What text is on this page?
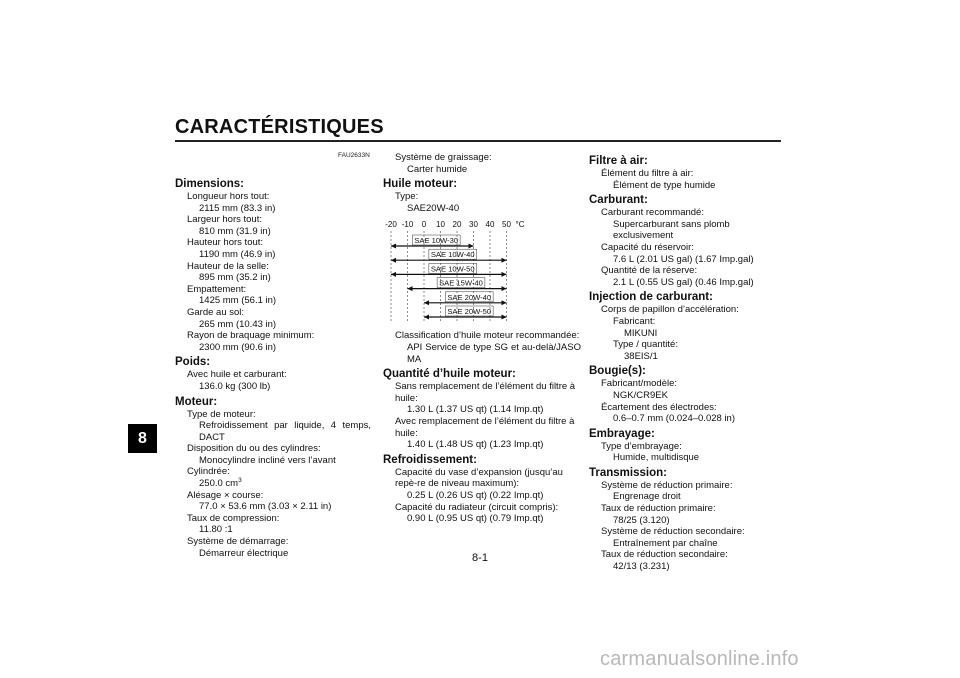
CARACTÉRISTIQUES
8
FAU2633N
Dimensions:
Longueur hors tout:
2115 mm (83.3 in)
Largeur hors tout:
810 mm (31.9 in)
Hauteur hors tout:
1190 mm (46.9 in)
Hauteur de la selle:
895 mm (35.2 in)
Empattement:
1425 mm (56.1 in)
Garde au sol:
265 mm (10.43 in)
Rayon de braquage minimum:
2300 mm (90.6 in)
Poids:
Avec huile et carburant:
136.0 kg (300 lb)
Moteur:
Type de moteur:
Refroidissement par liquide, 4 temps, DACT
Disposition du ou des cylindres:
Monocylindre incliné vers l’avant
Cylindrée:
250.0 $cm^3$
Alésage × course:
77.0 × 53.6 mm (3.03 × 2.11 in)
Taux de compression:
11.80 :1
Système de démarrage:
Démarreur électrique
Système de graissage:
Carter humide
Huile moteur:
Type:
SAE20W-40
-20 -10 0 10 20 30 40 50 °C
SAE 10W-30
SAE 10W-40
SAE 10W-50
SAE 15W-40
SAE 20W-40
SAE 20W-50
Classification d’huile moteur recommandée:
API Service de type SG et au-delà/JASO MA
Quantité d’huile moteur:
Sans remplacement de l’élément du filtre à huile:
1.30 L (1.37 US qt) (1.14 Imp.qt)
Avec remplacement de l’élément du filtre à huile:
1.40 L (1.48 US qt) (1.23 Imp.qt)
Refroidissement:
Capacité du vase d’expansion (jusqu’au repè-re de niveau maximum):
0.25 L (0.26 US qt) (0.22 Imp.qt)
Capacité du radiateur (circuit compris):
0.90 L (0.95 US qt) (0.79 Imp.qt)
Filtre à air:
Élément du filtre à air:
Élément de type humide
Carburant:
Carburant recommandé:
Supercarburant sans plomb exclusivement
Capacité du réservoir:
7.6 L (2.01 US gal) (1.67 Imp.gal)
Quantité de la réserve:
2.1 L (0.55 US gal) (0.46 Imp.gal)
Injection de carburant:
Corps de papillon d’accélération:
Fabricant:
MIKUNI
Type / quantité:
38EIS/1
Bougie(s):
Fabricant/modèle:
NGK/CR9EK
Écartement des électrodes:
0.6–0.7 mm (0.024–0.028 in)
Embrayage:
Type d’embrayage:
Humide, multidisque
Transmission:
Système de réduction primaire:
Engrenage droit
Taux de réduction primaire:
78/25 (3.120)
Système de réduction secondaire:
Entraînement par chaîne
Taux de réduction secondaire:
42/13 (3.231)
8-1
carmanualsonline.info
